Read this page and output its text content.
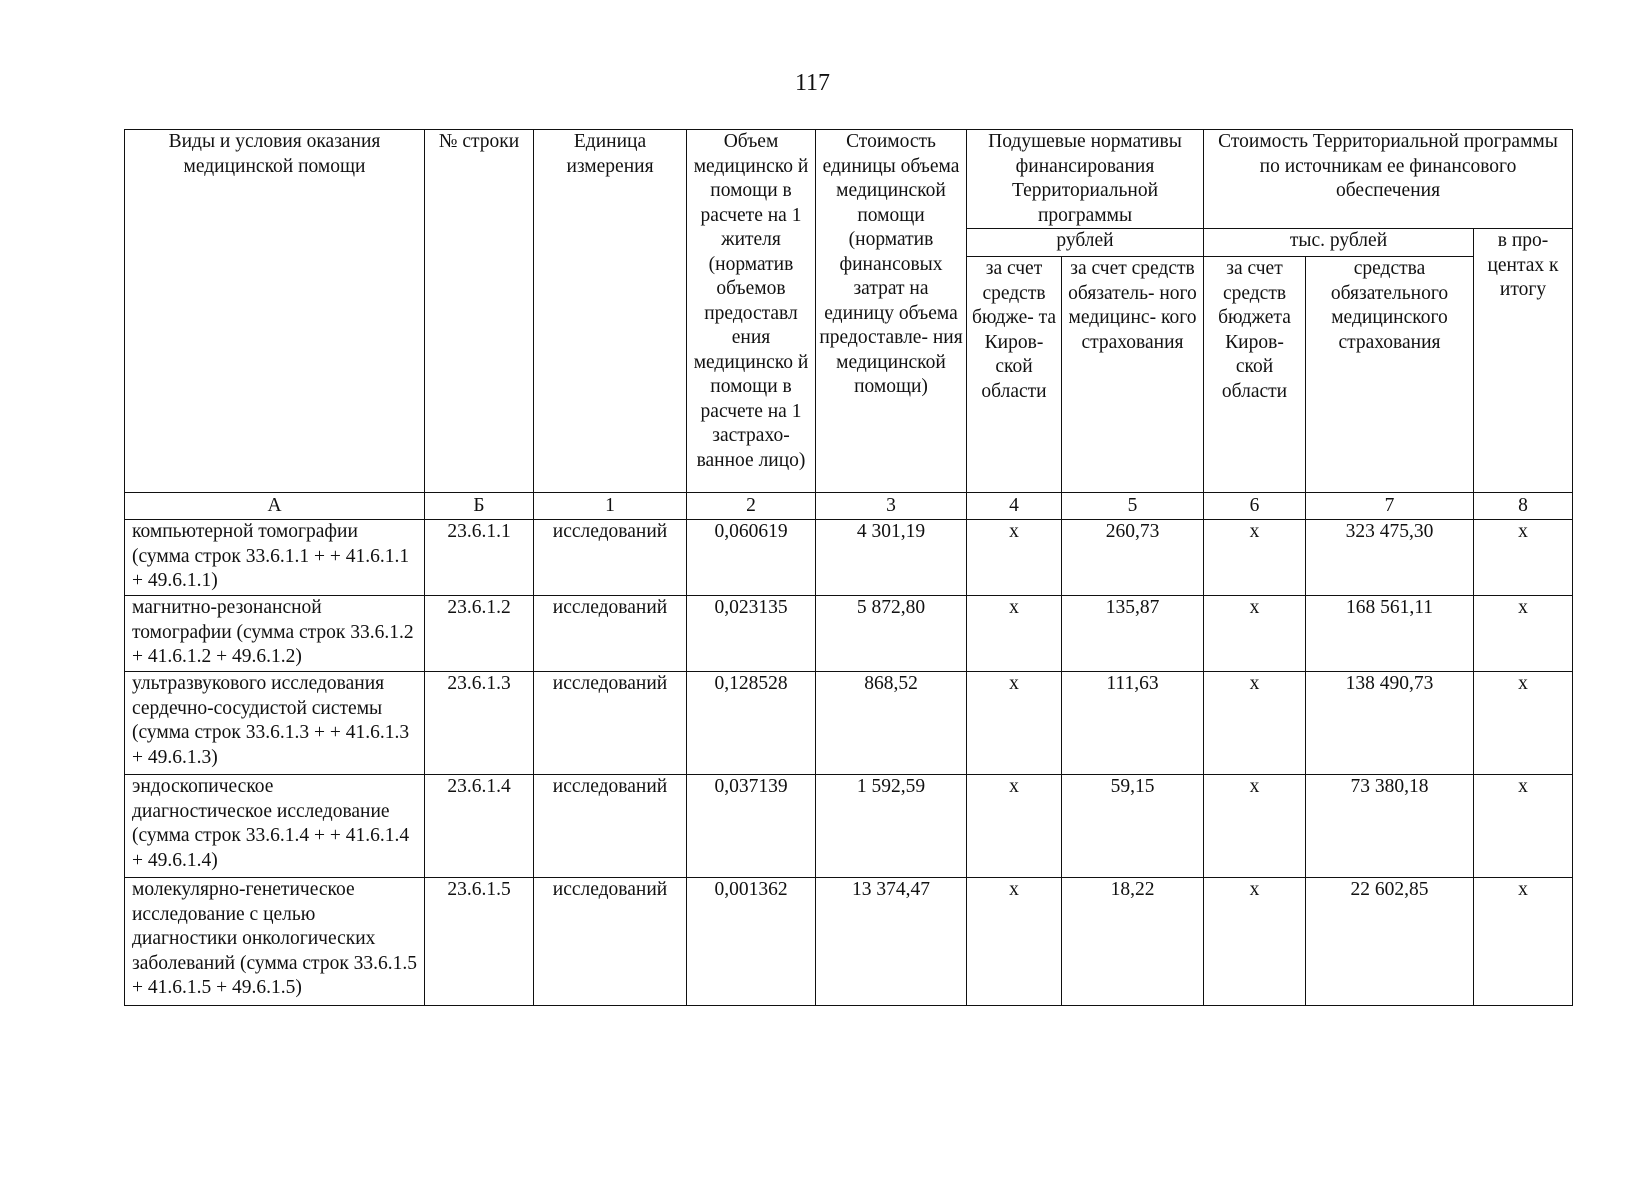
117
Виды и условия оказания медицинской помощи	№ строки	Единица измерения	Объем медицинско й помощи в расчете на 1 жителя (норматив объемов предоставл ения медицинско й помощи в расчете на 1 застрахо- ванное лицо)	Стоимость единицы объема медицинской помощи (норматив финансовых затрат на единицу объема предоставле- ния медицинской помощи)	Подушевые нормативы финансирования Территориальной программы		Стоимость Территориальной программы по источникам ее финансового обеспечения		
					рублей		тыс. рублей		в про- центах к итогу
					за счет средств бюдже- та Киров- ской области	за счет средств обязатель- ного медицинс- кого страхования	за счет средств бюджета Киров- ской области	средства обязательного медицинского страхования	
А	Б	1	2	3	4	5	6	7	8
компьютерной томографии (сумма строк 33.6.1.1 + + 41.6.1.1 + 49.6.1.1)	23.6.1.1	исследований	0,060619	4 301,19	x	260,73	x	323 475,30	x
магнитно-резонансной томографии (сумма строк 33.6.1.2 + 41.6.1.2 + 49.6.1.2)	23.6.1.2	исследований	0,023135	5 872,80	x	135,87	x	168 561,11	x
ультразвукового исследования сердечно-сосудистой системы (сумма строк 33.6.1.3 + + 41.6.1.3 + 49.6.1.3)	23.6.1.3	исследований	0,128528	868,52	x	111,63	x	138 490,73	x
эндоскопическое диагностическое исследование (сумма строк 33.6.1.4 + + 41.6.1.4 + 49.6.1.4)	23.6.1.4	исследований	0,037139	1 592,59	x	59,15	x	73 380,18	x
молекулярно-генетическое исследование с целью диагностики онкологических заболеваний (сумма строк 33.6.1.5 + 41.6.1.5 + 49.6.1.5)	23.6.1.5	исследований	0,001362	13 374,47	x	18,22	x	22 602,85	x
